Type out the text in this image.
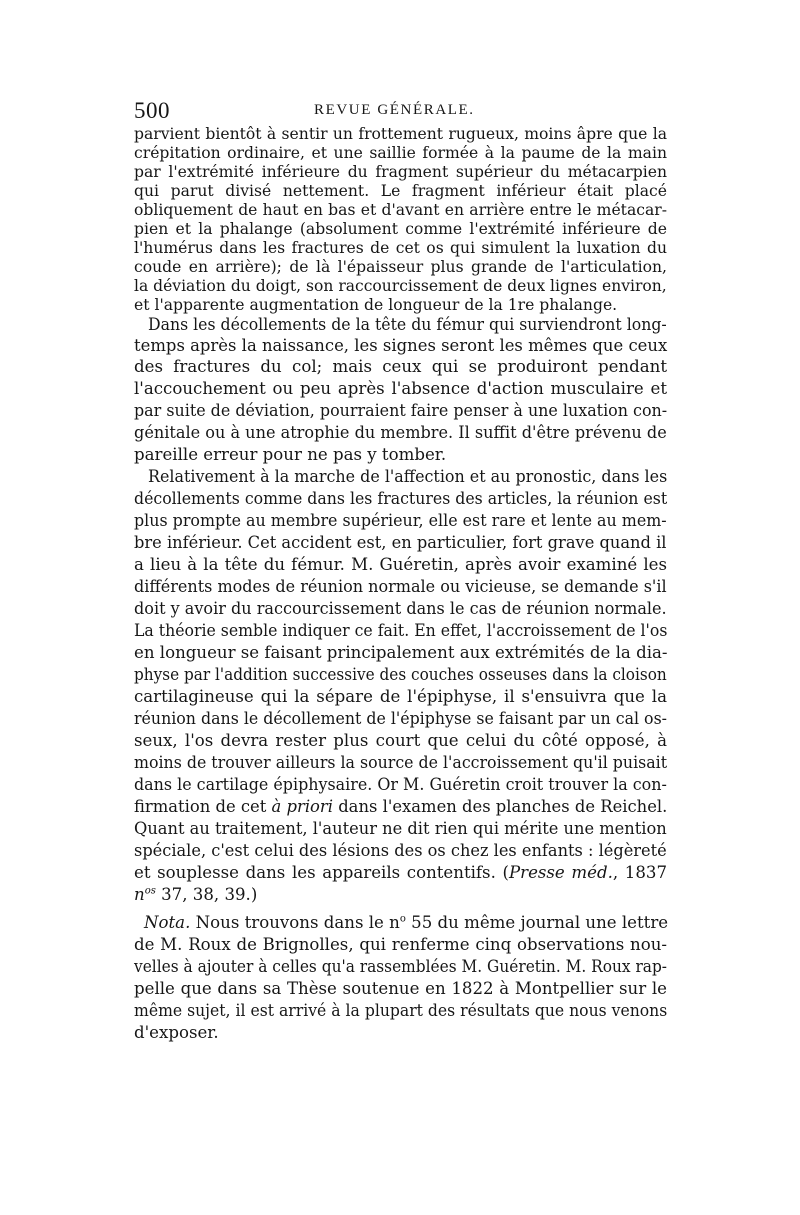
500	REVUE GÉNÉRALE.
parvient bientôt à sentir un frottement rugueux, moins âpre que la
crépitation ordinaire, et une saillie formée à la paume de la main
par l'extrémité inférieure du fragment supérieur du métacarpien
qui parut divisé nettement. Le fragment inférieur était placé
obliquement de haut en bas et d'avant en arrière entre le métacar-
pien et la phalange (absolument comme l'extrémité inférieure de
l'humérus dans les fractures de cet os qui simulent la luxation du
coude en arrière); de là l'épaisseur plus grande de l'articulation,
la déviation du doigt, son raccourcissement de deux lignes environ,
et l'apparente augmentation de longueur de la 1re phalange.
Dans les décollements de la tête du fémur qui surviendront long-
temps après la naissance, les signes seront les mêmes que ceux
des fractures du col; mais ceux qui se produiront pendant
l'accouchement ou peu après l'absence d'action musculaire et
par suite de déviation, pourraient faire penser à une luxation con-
génitale ou à une atrophie du membre. Il suffit d'être prévenu de
pareille erreur pour ne pas y tomber.
Relativement à la marche de l'affection et au pronostic, dans les
décollements comme dans les fractures des articles, la réunion est
plus prompte au membre supérieur, elle est rare et lente au mem-
bre inférieur. Cet accident est, en particulier, fort grave quand il
a lieu à la tête du fémur. M. Guéretin, après avoir examiné les
différents modes de réunion normale ou vicieuse, se demande s'il
doit y avoir du raccourcissement dans le cas de réunion normale.
La théorie semble indiquer ce fait. En effet, l'accroissement de l'os
en longueur se faisant principalement aux extrémités de la dia-
physe par l'addition successive des couches osseuses dans la cloison
cartilagineuse qui la sépare de l'épiphyse, il s'ensuivra que la
réunion dans le décollement de l'épiphyse se faisant par un cal os-
seux, l'os devra rester plus court que celui du côté opposé, à
moins de trouver ailleurs la source de l'accroissement qu'il puisait
dans le cartilage épiphysaire. Or M. Guéretin croit trouver la con-
firmation de cet à priori dans l'examen des planches de Reichel.
Quant au traitement, l'auteur ne dit rien qui mérite une mention
spéciale, c'est celui des lésions des os chez les enfants : légèreté
et souplesse dans les appareils contentifs. (Presse méd., 1837
$n^{os}$ 37, 38, 39.)
Nota. Nous trouvons dans le $n^o$ 55 du même journal une lettre
de M. Roux de Brignolles, qui renferme cinq observations nou-
velles à ajouter à celles qu'a rassemblées M. Guéretin. M. Roux rap-
pelle que dans sa Thèse soutenue en 1822 à Montpellier sur le
même sujet, il est arrivé à la plupart des résultats que nous venons
d'exposer.
